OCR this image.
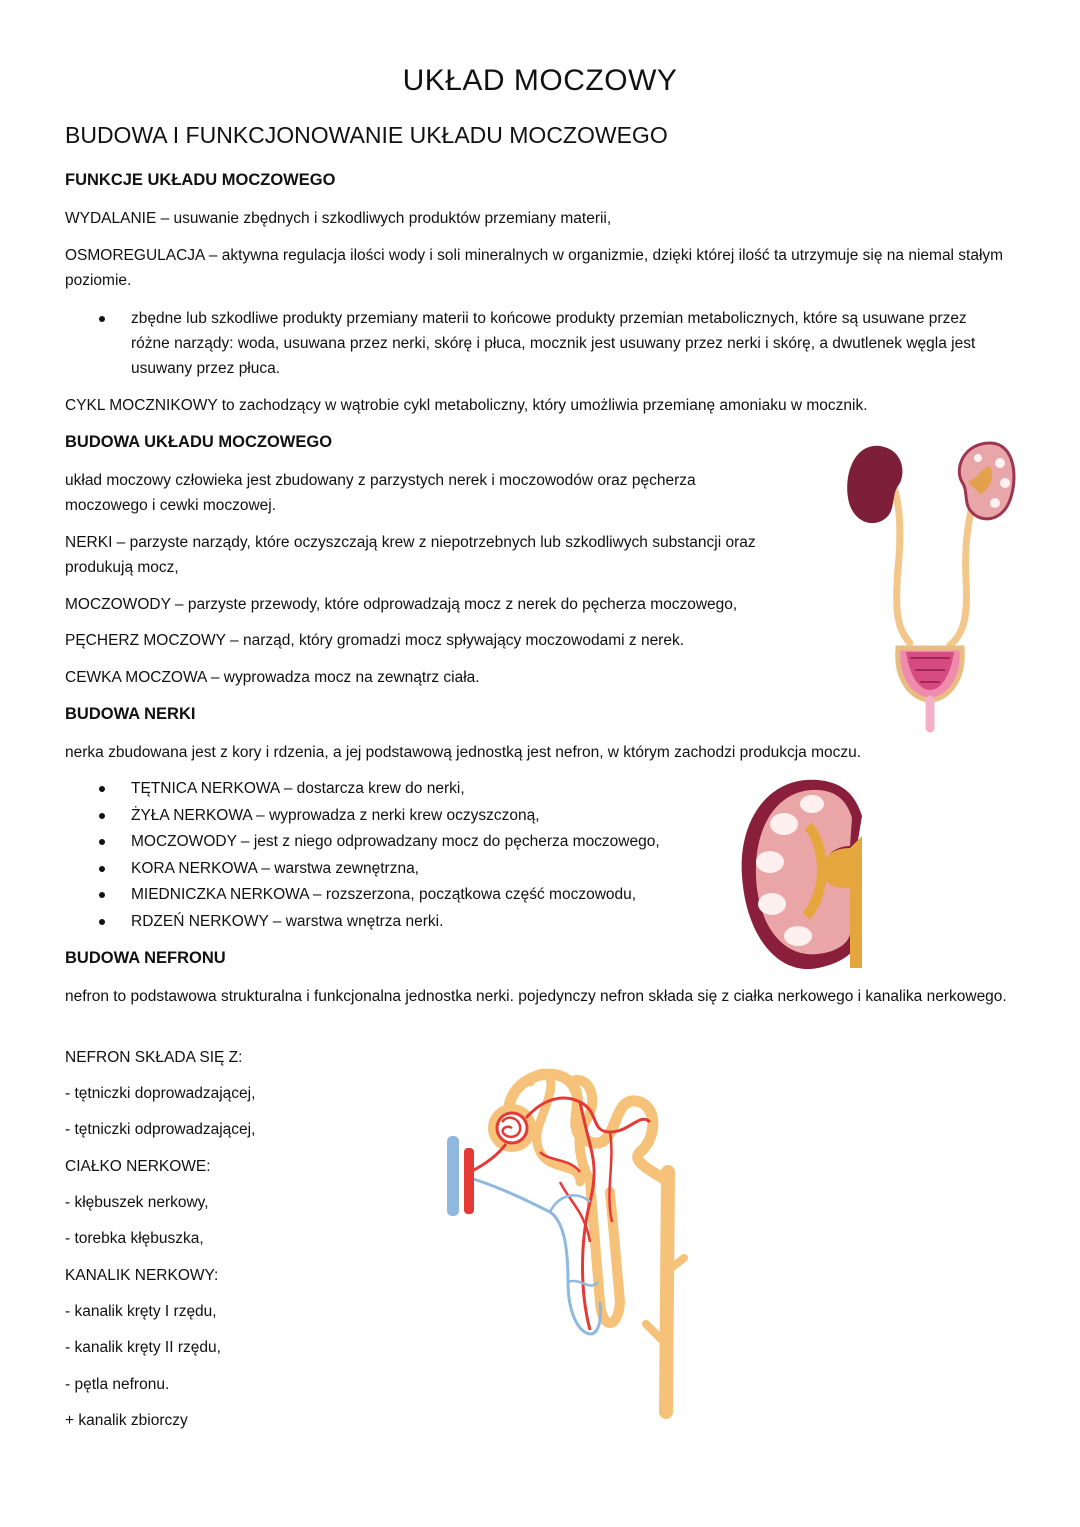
UKŁAD MOCZOWY
BUDOWA I FUNKCJONOWANIE UKŁADU MOCZOWEGO
FUNKCJE UKŁADU MOCZOWEGO
WYDALANIE – usuwanie zbędnych i szkodliwych produktów przemiany materii,
OSMOREGULACJA – aktywna regulacja ilości wody i soli mineralnych w organizmie, dzięki której ilość ta utrzymuje się na niemal stałym poziomie.
zbędne lub szkodliwe produkty przemiany materii to końcowe produkty przemian metabolicznych, które są usuwane przez różne narządy: woda, usuwana przez nerki, skórę i płuca, mocznik jest usuwany przez nerki i skórę, a dwutlenek węgla jest usuwany przez płuca.
CYKL MOCZNIKOWY to zachodzący w wątrobie cykl metaboliczny, który umożliwia przemianę amoniaku w mocznik.
BUDOWA UKŁADU MOCZOWEGO
układ moczowy człowieka jest zbudowany z parzystych nerek i moczowodów oraz pęcherza moczowego i cewki moczowej.
NERKI – parzyste narządy, które oczyszczają krew z niepotrzebnych lub szkodliwych substancji oraz produkują mocz,
MOCZOWODY – parzyste przewody, które odprowadzają mocz z nerek do pęcherza moczowego,
PĘCHERZ MOCZOWY – narząd, który gromadzi mocz spływający moczowodami z nerek.
CEWKA MOCZOWA – wyprowadza mocz na zewnątrz ciała.
BUDOWA NERKI
nerka zbudowana jest z kory i rdzenia, a jej podstawową jednostką jest nefron, w którym zachodzi produkcja moczu.
TĘTNICA NERKOWA – dostarcza krew do nerki,
ŻYŁA NERKOWA – wyprowadza z nerki krew oczyszczoną,
MOCZOWODY – jest z niego odprowadzany mocz do pęcherza moczowego,
KORA NERKOWA – warstwa zewnętrzna,
MIEDNICZKA NERKOWA – rozszerzona, początkowa część moczowodu,
RDZEŃ NERKOWY – warstwa wnętrza nerki.
BUDOWA NEFRONU
nefron to podstawowa strukturalna i funkcjonalna jednostka nerki. pojedynczy nefron składa się z ciałka nerkowego i kanalika nerkowego.
NEFRON SKŁADA SIĘ Z:
- tętniczki doprowadzającej,
- tętniczki odprowadzającej,
CIAŁKO NERKOWE:
- kłębuszek nerkowy,
- torebka kłębuszka,
KANALIK NERKOWY:
- kanalik kręty I rzędu,
- kanalik kręty II rzędu,
- pętla nefronu.
+ kanalik zbiorczy
